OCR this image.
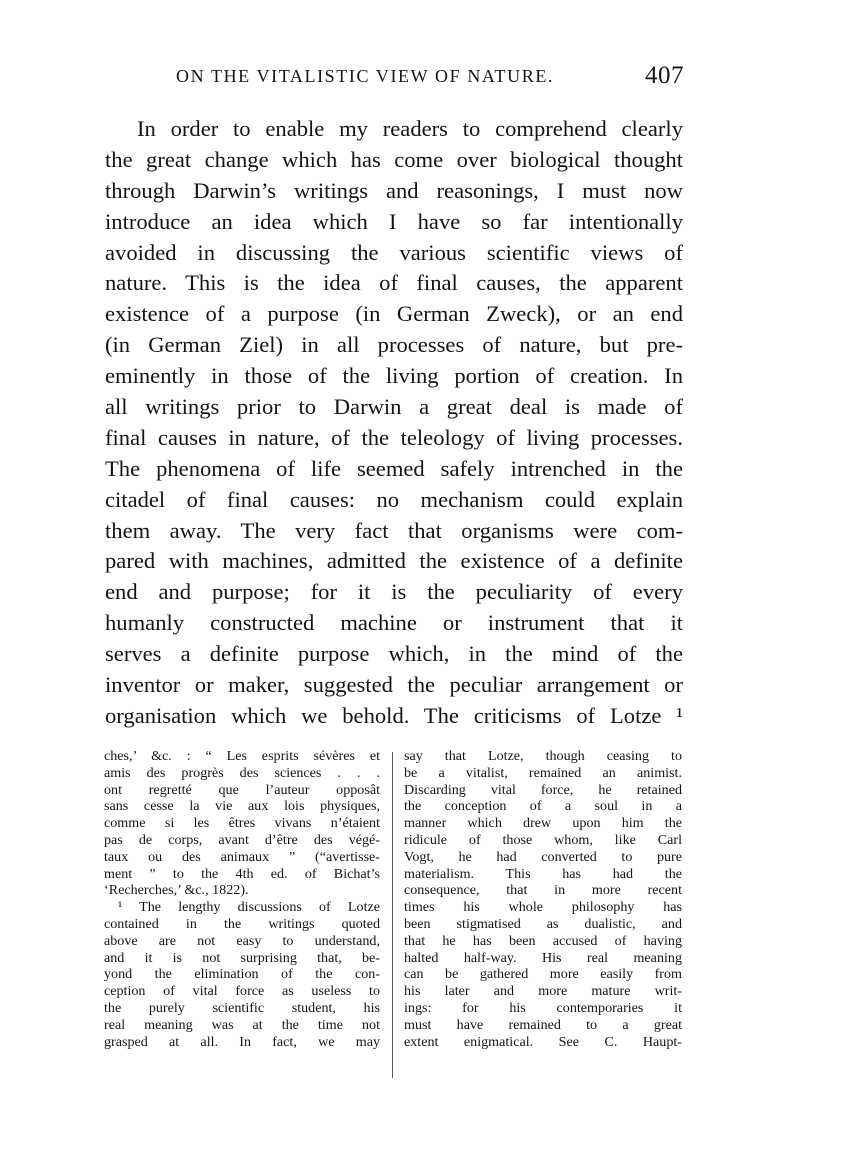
ON THE VITALISTIC VIEW OF NATURE.	407
In order to enable my readers to comprehend clearly
the great change which has come over biological thought
through Darwin’s writings and reasonings, I must now
introduce an idea which I have so far intentionally
avoided in discussing the various scientific views of
nature. This is the idea of final causes, the apparent
existence of a purpose (in German Zweck), or an end
(in German Ziel) in all processes of nature, but pre-
eminently in those of the living portion of creation. In
all writings prior to Darwin a great deal is made of
final causes in nature, of the teleology of living processes.
The phenomena of life seemed safely intrenched in the
citadel of final causes: no mechanism could explain
them away. The very fact that organisms were com-
pared with machines, admitted the existence of a definite
end and purpose; for it is the peculiarity of every
humanly constructed machine or instrument that it
serves a definite purpose which, in the mind of the
inventor or maker, suggested the peculiar arrangement or
organisation which we behold. The criticisms of Lotze ¹
ches,’ &c. : “ Les esprits sévères et
amis des progrès des sciences . . .
ont regretté que l’auteur opposât
sans cesse la vie aux lois physiques,
comme si les êtres vivans n’étaient
pas de corps, avant d’être des végé-
taux ou des animaux ” (“avertisse-
ment ” to the 4th ed. of Bichat’s
‘Recherches,’ &c., 1822).
¹ The lengthy discussions of Lotze
contained in the writings quoted
above are not easy to understand,
and it is not surprising that, be-
yond the elimination of the con-
ception of vital force as useless to
the purely scientific student, his
real meaning was at the time not
grasped at all. In fact, we may
say that Lotze, though ceasing to
be a vitalist, remained an animist.
Discarding vital force, he retained
the conception of a soul in a
manner which drew upon him the
ridicule of those whom, like Carl
Vogt, he had converted to pure
materialism. This has had the
consequence, that in more recent
times his whole philosophy has
been stigmatised as dualistic, and
that he has been accused of having
halted half-way. His real meaning
can be gathered more easily from
his later and more mature writ-
ings: for his contemporaries it
must have remained to a great
extent enigmatical. See C. Haupt-
